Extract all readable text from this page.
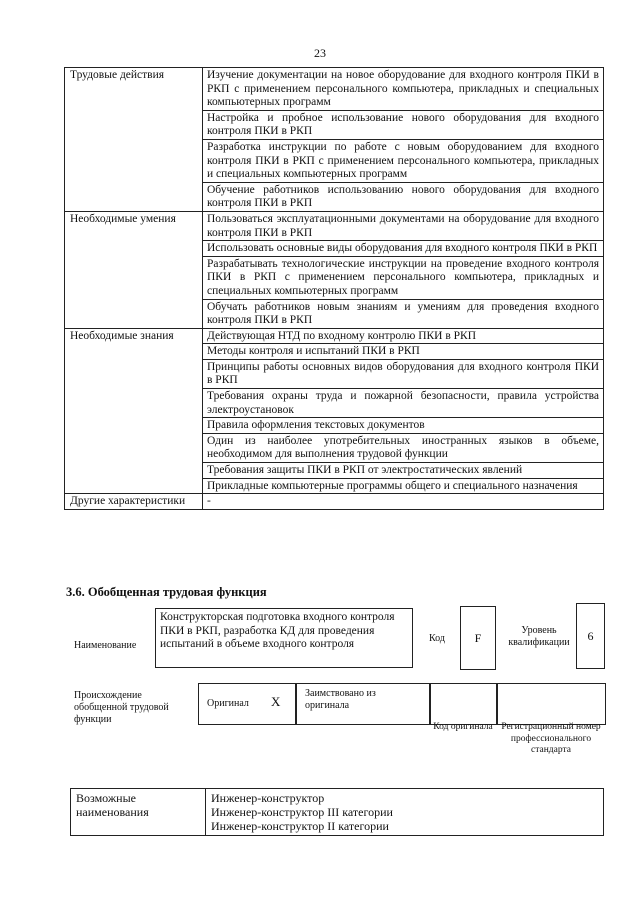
23
Трудовые действия	Изучение документации на новое оборудование для входного контроля ПКИ в РКП с применением персонального компьютера, прикладных и специальных компьютерных программ
	Настройка и пробное использование нового оборудования для входного контроля ПКИ в РКП
	Разработка инструкции по работе с новым оборудованием для входного контроля ПКИ в РКП с применением персонального компьютера, прикладных и специальных компьютерных программ
	Обучение работников использованию нового оборудования для входного контроля ПКИ в РКП
Необходимые умения	Пользоваться эксплуатационными документами на оборудование для входного контроля ПКИ в РКП
	Использовать основные виды оборудования для входного контроля ПКИ в РКП
	Разрабатывать технологические инструкции на проведение входного контроля ПКИ в РКП с применением персонального компьютера, прикладных и специальных компьютерных программ
	Обучать работников новым знаниям и умениям для проведения входного контроля ПКИ в РКП
Необходимые знания	Действующая НТД по входному контролю ПКИ в РКП
	Методы контроля и испытаний ПКИ в РКП
	Принципы работы основных видов оборудования для входного контроля ПКИ в РКП
	Требования охраны труда и пожарной безопасности, правила устройства электроустановок
	Правила оформления текстовых документов
	Один из наиболее употребительных иностранных языков в объеме, необходимом для выполнения трудовой функции
	Требования защиты ПКИ в РКП от электростатических явлений
	Прикладные компьютерные программы общего и специального назначения
Другие характеристики	-
3.6. Обобщенная трудовая функция
Наименование
Конструкторская подготовка входного контроля ПКИ в РКП, разработка КД для проведения испытаний в объеме входного контроля	Код F	Уровень квалификации 6
Происхождение обобщенной трудовой функции
Оригинал X
Заимствовано из оригинала
Код оригинала Регистрационный номер профессионального стандарта
Возможные наименования	
Инженер-конструктор
Инженер-конструктор III категории
Инженер-конструктор II категории
